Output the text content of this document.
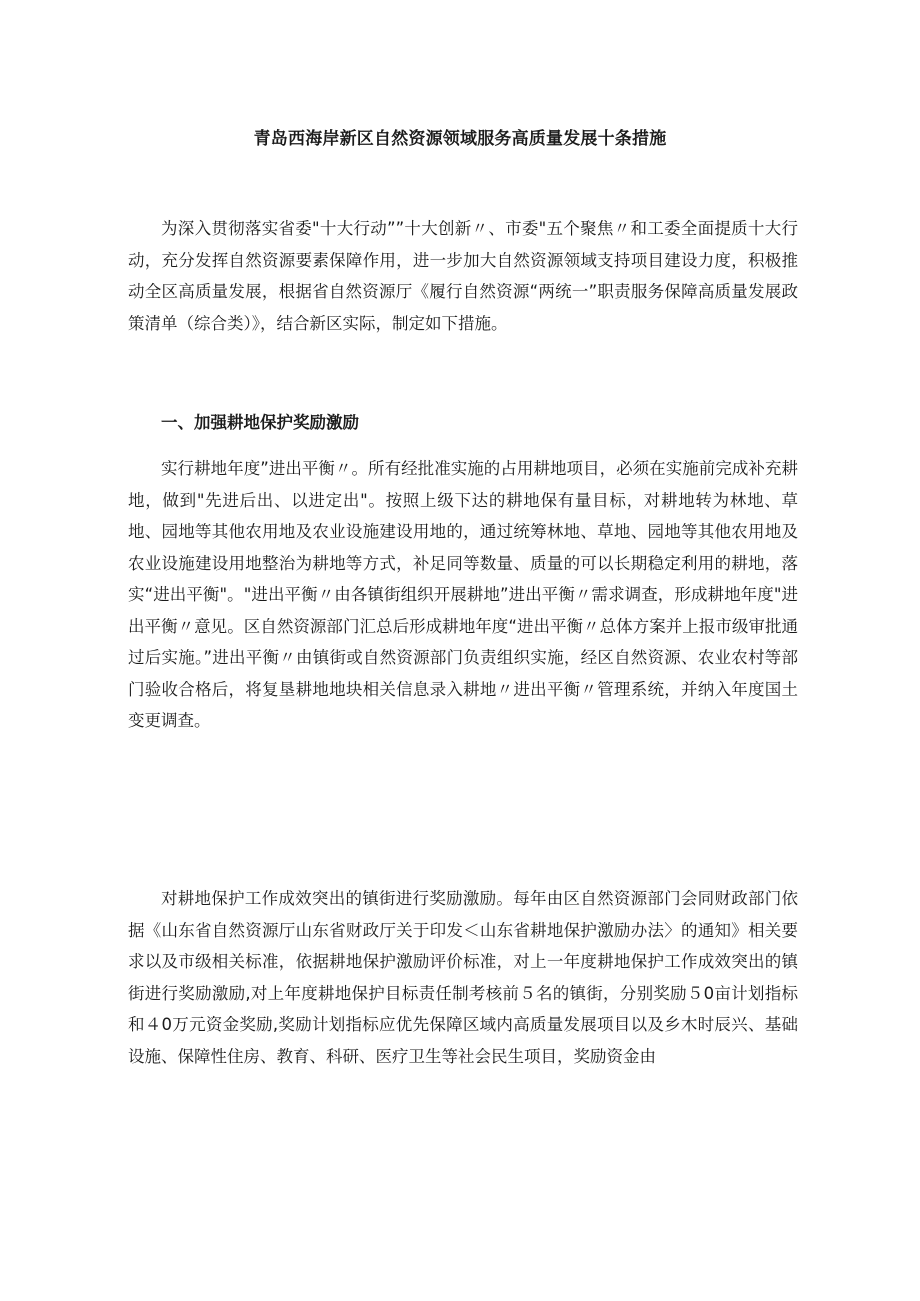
青岛西海岸新区自然资源领域服务高质量发展十条措施

为深入贯彻落实省委"十大行动””十大创新〃、市委"五个聚焦〃和工委全面提质十大行动，充分发挥自然资源要素保障作用，进一步加大自然资源领域支持项目建设力度，积极推动全区高质量发展，根据省自然资源厅《履行自然资源“两统一”职责服务保障高质量发展政策清单（综合类）》，结合新区实际，制定如下措施。

一、加强耕地保护奖励激励

实行耕地年度”进出平衡〃。所有经批准实施的占用耕地项目，必须在实施前完成补充耕地，做到"先进后出、以进定出"。按照上级下达的耕地保有量目标，对耕地转为林地、草地、园地等其他农用地及农业设施建设用地的，通过统筹林地、草地、园地等其他农用地及农业设施建设用地整治为耕地等方式，补足同等数量、质量的可以长期稳定利用的耕地，落实“进出平衡"。"进出平衡〃由各镇街组织开展耕地”进出平衡〃需求调查，形成耕地年度"进出平衡〃意见。区自然资源部门汇总后形成耕地年度“进出平衡〃总体方案并上报市级审批通过后实施。”进出平衡〃由镇街或自然资源部门负责组织实施，经区自然资源、农业农村等部门验收合格后，将复垦耕地地块相关信息录入耕地〃进出平衡〃管理系统，并纳入年度国土变更调查。

对耕地保护工作成效突出的镇街进行奖励激励。每年由区自然资源部门会同财政部门依据《山东省自然资源厅山东省财政厅关于印发＜山东省耕地保护激励办法〉的通知》相关要求以及市级相关标准，依据耕地保护激励评价标准，对上一年度耕地保护工作成效突出的镇街进行奖励激励,对上年度耕地保护目标责任制考核前５名的镇街，分别奖励５0亩计划指标和４0万元资金奖励,奖励计划指标应优先保障区域内高质量发展项目以及乡木时辰兴、基础设施、保障性住房、教育、科研、医疗卫生等社会民生项目，奖励资金由
